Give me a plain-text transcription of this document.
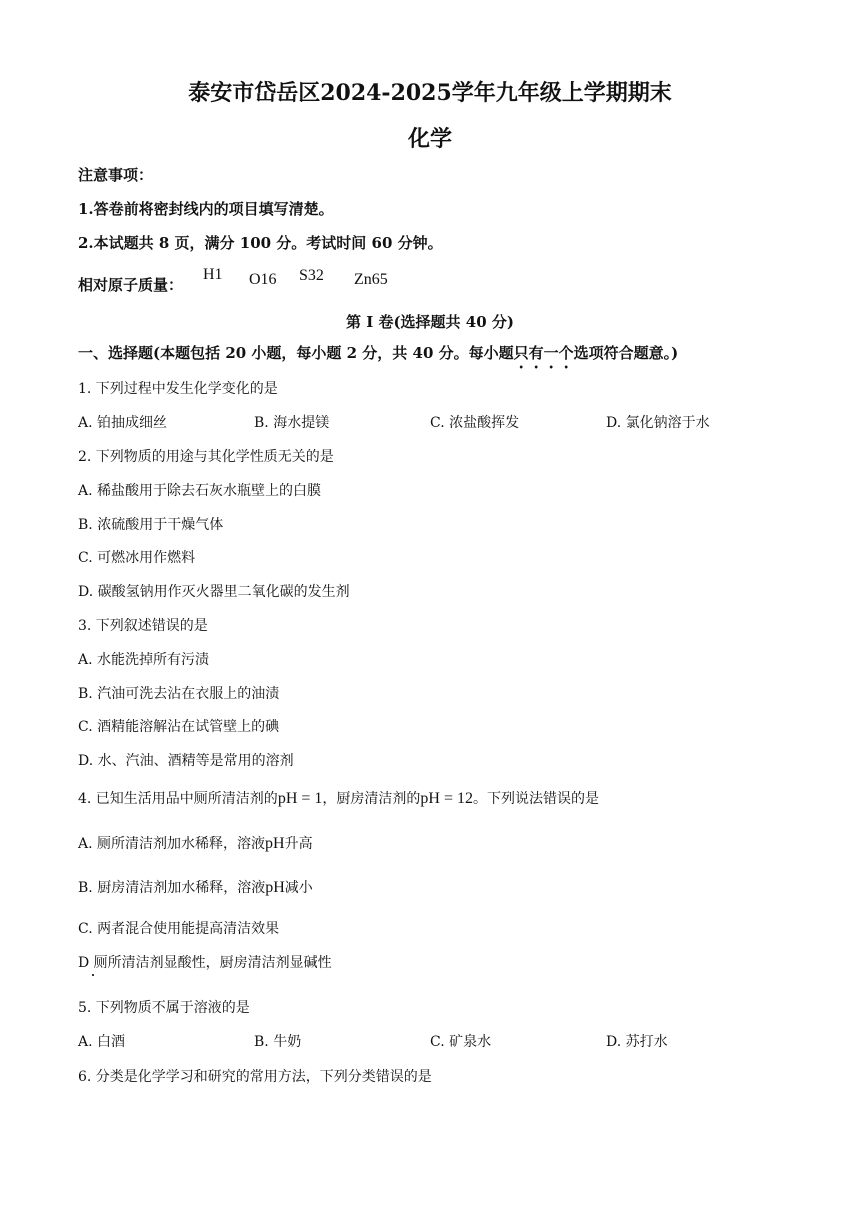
泰安市岱岳区2024-2025学年九年级上学期期末
化学
注意事项：
1.答卷前将密封线内的项目填写清楚。
2.本试题共 8 页，满分 100 分。考试时间 60 分钟。
相对原子质量：
H1 O16 S32 Zn65
第 I 卷(选择题共 40 分)
一、选择题(本题包括 20 小题，每小题 2 分，共 40 分。每小题只有一个选项符合题意。)
1. 下列过程中发生化学变化的是
A. 铂抽成细丝	B. 海水提镁	C. 浓盐酸挥发	D. 氯化钠溶于水
2. 下列物质的用途与其化学性质无关的是
A. 稀盐酸用于除去石灰水瓶壁上的白膜
B. 浓硫酸用于干燥气体
C. 可燃冰用作燃料
D. 碳酸氢钠用作灭火器里二氧化碳的发生剂
3. 下列叙述错误的是
A. 水能洗掉所有污渍
B. 汽油可洗去沾在衣服上的油渍
C. 酒精能溶解沾在试管壁上的碘
D. 水、汽油、酒精等是常用的溶剂
4. 已知生活用品中厕所清洁剂的pH = 1，厨房清洁剂的pH = 12。下列说法错误的是
A. 厕所清洁剂加水稀释，溶液pH升高
B. 厨房清洁剂加水稀释，溶液pH减小
C. 两者混合使用能提高清洁效果
D 厕所清洁剂显酸性，厨房清洁剂显碱性
5. 下列物质不属于溶液的是
A. 白酒	B. 牛奶	C. 矿泉水	D. 苏打水
6. 分类是化学学习和研究的常用方法，下列分类错误的是
